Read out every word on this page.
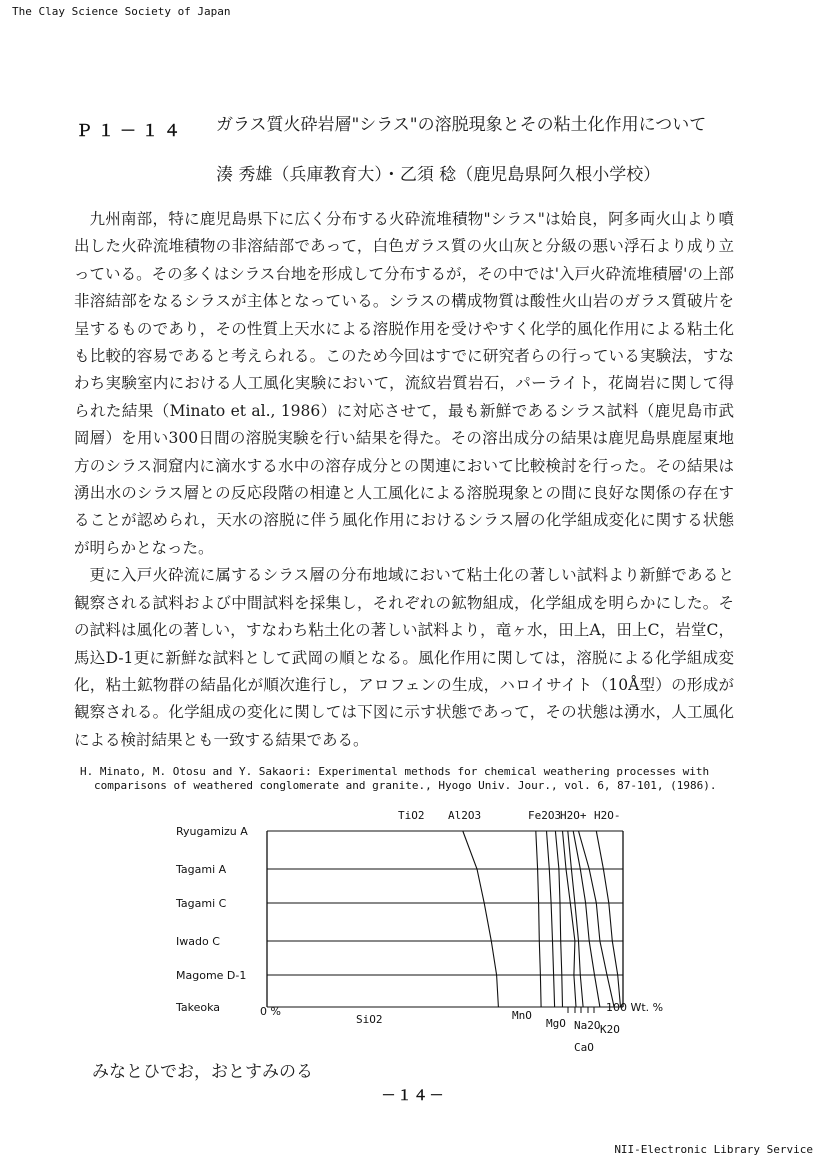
The Clay Science Society of Japan
Ｐ１－１４ ガラス質火砕岩層"シラス"の溶脱現象とその粘土化作用について
湊 秀雄（兵庫教育大）・乙須 稔（鹿児島県阿久根小学校）

九州南部，特に鹿児島県下に広く分布する火砕流堆積物"シラス"は姶良，阿多両火山より噴出した火砕流堆積物の非溶結部であって，白色ガラス質の火山灰と分級の悪い浮石より成り立っている。その多くはシラス台地を形成して分布するが，その中では'入戸火砕流堆積層'の上部非溶結部をなるシラスが主体となっている。シラスの構成物質は酸性火山岩のガラス質破片を呈するものであり，その性質上天水による溶脱作用を受けやすく化学的風化作用による粘土化も比較的容易であると考えられる。このため今回はすでに研究者らの行っている実験法，すなわち実験室内における人工風化実験において，流紋岩質岩石，パーライト，花崗岩に関して得られた結果（Minato et al., 1986）に対応させて，最も新鮮であるシラス試料（鹿児島市武岡層）を用い300日間の溶脱実験を行い結果を得た。その溶出成分の結果は鹿児島県鹿屋東地方のシラス洞窟内に滴水する水中の溶存成分との関連において比較検討を行った。その結果は湧出水のシラス層との反応段階の相違と人工風化による溶脱現象との間に良好な関係の存在することが認められ，天水の溶脱に伴う風化作用におけるシラス層の化学組成変化に関する状態が明らかとなった。

更に入戸火砕流に属するシラス層の分布地域において粘土化の著しい試料より新鮮であると観察される試料および中間試料を採集し，それぞれの鉱物組成，化学組成を明らかにした。その試料は風化の著しい，すなわち粘土化の著しい試料より，竜ヶ水，田上A，田上C，岩堂C，馬込D-1更に新鮮な試料として武岡の順となる。風化作用に関しては，溶脱による化学組成変化，粘土鉱物群の結晶化が順次進行し，アロフェンの生成，ハロイサイト（10Å型）の形成が観察される。化学組成の変化に関しては下図に示す状態であって，その状態は湧水，人工風化による検討結果とも一致する結果である。

H. Minato, M. Otosu and Y. Sakaori: Experimental methods for chemical weathering processes with
comparisons of weathered conglomerate and granite., Hyogo Univ. Jour., vol. 6, 87-101, (1986).
Ryugamizu A
Tagami A
Tagami C
Iwado C
Magome D-1
Takeoka
TiO2 Al2O3	Fe2O3
H2O+ H2O-
SiO2	MnO
MgO Na2O K2O
CaO
0 %	100 Wt. %
みなとひでお，おとすみのる
－１４－
NII-Electronic Library Service
